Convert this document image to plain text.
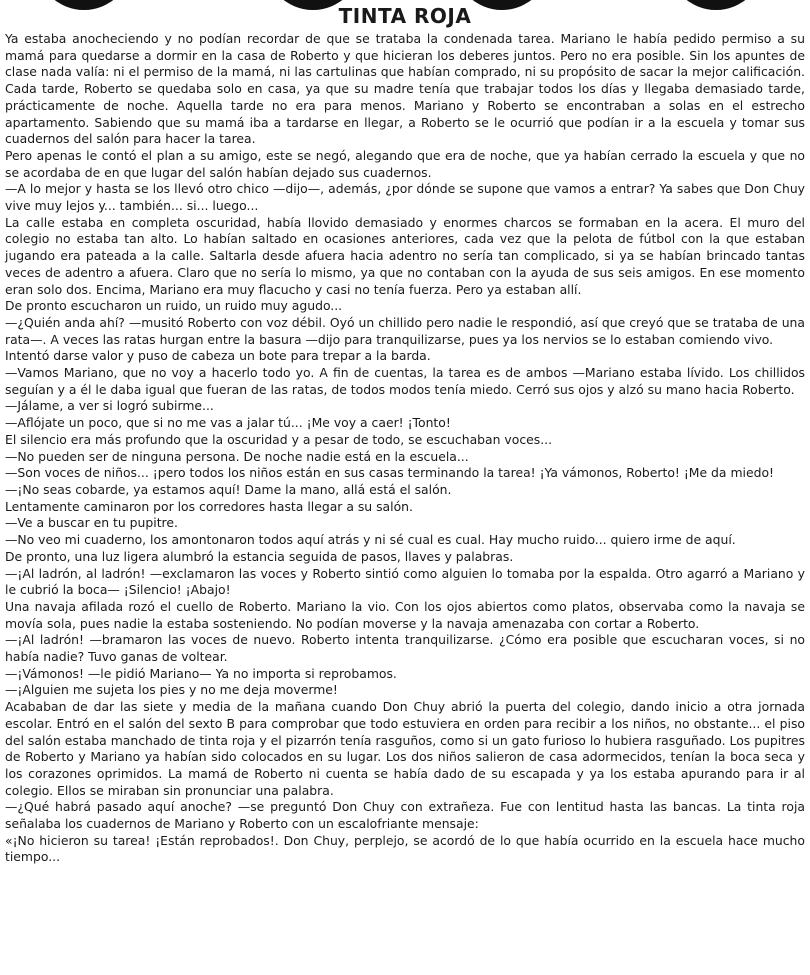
TINTA ROJA

Ya estaba anocheciendo y no podían recordar de que se trataba la condenada tarea. Mariano le había pedido permiso a su mamá para quedarse a dormir en la casa de Roberto y que hicieran los deberes juntos. Pero no era posible. Sin los apuntes de clase nada valía: ni el permiso de la mamá, ni las cartulinas que habían comprado, ni su propósito de sacar la mejor calificación. Cada tarde, Roberto se quedaba solo en casa, ya que su madre tenía que trabajar todos los días y llegaba demasiado tarde, prácticamente de noche. Aquella tarde no era para menos. Mariano y Roberto se encontraban a solas en el estrecho apartamento. Sabiendo que su mamá iba a tardarse en llegar, a Roberto se le ocurrió que podían ir a la escuela y tomar sus cuadernos del salón para hacer la tarea.

Pero apenas le contó el plan a su amigo, este se negó, alegando que era de noche, que ya habían cerrado la escuela y que no se acordaba de en que lugar del salón habían dejado sus cuadernos.

—A lo mejor y hasta se los llevó otro chico —dijo—, además, ¿por dónde se supone que vamos a entrar? Ya sabes que Don Chuy vive muy lejos y... también... si... luego...

La calle estaba en completa oscuridad, había llovido demasiado y enormes charcos se formaban en la acera. El muro del colegio no estaba tan alto. Lo habían saltado en ocasiones anteriores, cada vez que la pelota de fútbol con la que estaban jugando era pateada a la calle. Saltarla desde afuera hacia adentro no sería tan complicado, si ya se habían brincado tantas veces de adentro a afuera. Claro que no sería lo mismo, ya que no contaban con la ayuda de sus seis amigos. En ese momento eran solo dos. Encima, Mariano era muy flacucho y casi no tenía fuerza. Pero ya estaban allí.

De pronto escucharon un ruido, un ruido muy agudo...

—¿Quién anda ahí? —musitó Roberto con voz débil. Oyó un chillido pero nadie le respondió, así que creyó que se trataba de una rata—. A veces las ratas hurgan entre la basura —dijo para tranquilizarse, pues ya los nervios se lo estaban comiendo vivo.

Intentó darse valor y puso de cabeza un bote para trepar a la barda.

—Vamos Mariano, que no voy a hacerlo todo yo. A fin de cuentas, la tarea es de ambos —Mariano estaba lívido. Los chillidos seguían y a él le daba igual que fueran de las ratas, de todos modos tenía miedo. Cerró sus ojos y alzó su mano hacia Roberto.

—Jálame, a ver si logró subirme...

—Aflójate un poco, que si no me vas a jalar tú... ¡Me voy a caer! ¡Tonto!

El silencio era más profundo que la oscuridad y a pesar de todo, se escuchaban voces...

—No pueden ser de ninguna persona. De noche nadie está en la escuela...

—Son voces de niños... ¡pero todos los niños están en sus casas terminando la tarea! ¡Ya vámonos, Roberto! ¡Me da miedo!

—¡No seas cobarde, ya estamos aquí! Dame la mano, allá está el salón.

Lentamente caminaron por los corredores hasta llegar a su salón.

—Ve a buscar en tu pupitre.

—No veo mi cuaderno, los amontonaron todos aquí atrás y ni sé cual es cual. Hay mucho ruido... quiero irme de aquí.

De pronto, una luz ligera alumbró la estancia seguida de pasos, llaves y palabras.

—¡Al ladrón, al ladrón! —exclamaron las voces y Roberto sintió como alguien lo tomaba por la espalda. Otro agarró a Mariano y le cubrió la boca— ¡Silencio! ¡Abajo!

Una navaja afilada rozó el cuello de Roberto. Mariano la vio. Con los ojos abiertos como platos, observaba como la navaja se movía sola, pues nadie la estaba sosteniendo. No podían moverse y la navaja amenazaba con cortar a Roberto.

—¡Al ladrón! —bramaron las voces de nuevo. Roberto intenta tranquilizarse. ¿Cómo era posible que escucharan voces, si no había nadie? Tuvo ganas de voltear.

—¡Vámonos! —le pidió Mariano— Ya no importa si reprobamos.

—¡Alguien me sujeta los pies y no me deja moverme!

Acababan de dar las siete y media de la mañana cuando Don Chuy abrió la puerta del colegio, dando inicio a otra jornada escolar. Entró en el salón del sexto B para comprobar que todo estuviera en orden para recibir a los niños, no obstante... el piso del salón estaba manchado de tinta roja y el pizarrón tenía rasguños, como si un gato furioso lo hubiera rasguñado. Los pupitres de Roberto y Mariano ya habían sido colocados en su lugar. Los dos niños salieron de casa adormecidos, tenían la boca seca y los corazones oprimidos. La mamá de Roberto ni cuenta se había dado de su escapada y ya los estaba apurando para ir al colegio. Ellos se miraban sin pronunciar una palabra.

—¿Qué habrá pasado aquí anoche? —se preguntó Don Chuy con extrañeza. Fue con lentitud hasta las bancas. La tinta roja señalaba los cuadernos de Mariano y Roberto con un escalofriante mensaje:

«¡No hicieron su tarea! ¡Están reprobados!. Don Chuy, perplejo, se acordó de lo que había ocurrido en la escuela hace mucho tiempo...
